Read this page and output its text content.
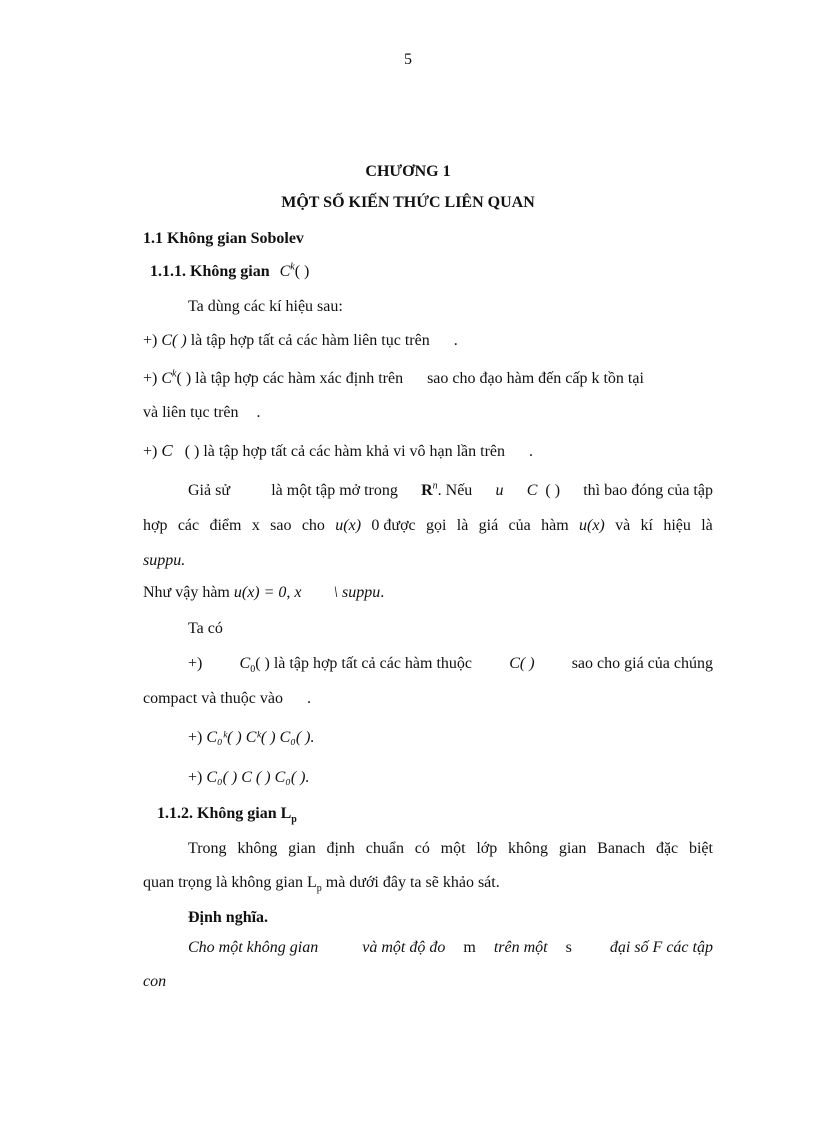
5
CHƯƠNG 1
MỘT SỐ KIẾN THỨC LIÊN QUAN
1.1 Không gian Sobolev
1.1.1. Không gian $C^k$( )
Ta dùng các kí hiệu sau:
+) C( ) là tập hợp tất cả các hàm liên tục trên .
+) $C^k$( ) là tập hợp các hàm xác định trên sao cho đạo hàm đến cấp k tồn tại
và liên tục trên .
+) C ( ) là tập hợp tất cả các hàm khả vi vô hạn lần trên .
Giả sử	là một tập mở trong $R^n$. Nếu u C ( ) thì bao đóng của tập
hợp các điểm x sao cho u(x) 0 được gọi là giá của hàm u(x) và kí hiệu là
suppu.
Như vậy hàm u(x) = 0, x \ suppu.
Ta có
+) $C_0$( ) là tập hợp tất cả các hàm thuộc C( ) sao cho giá của chúng
compact và thuộc vào .
+) C₀ᵏ( ) Cᵏ( ) C₀( ).
+) C₀( ) C ( ) C₀( ).
1.1.2. Không gian $L_p$
Trong không gian định chuẩn có một lớp không gian Banach đặc biệt
quan trọng là không gian $L_p$ mà dưới đây ta sẽ khảo sát.
Định nghĩa.
Cho một không gian	và một độ đo m trên một s đại số F các tập
con
